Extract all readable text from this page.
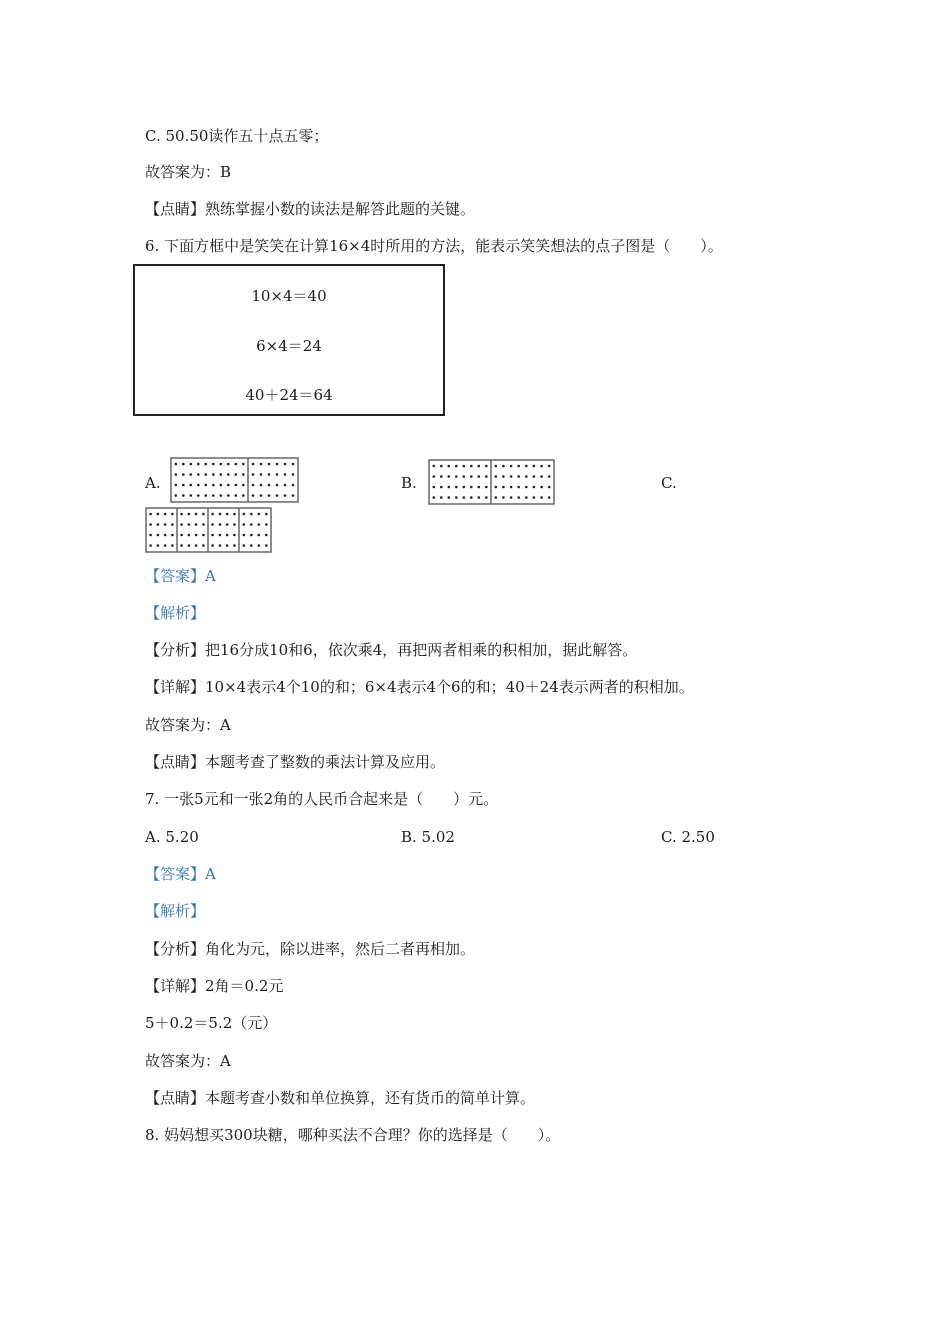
C. 50.50读作五十点五零；
故答案为：B
【点睛】熟练掌握小数的读法是解答此题的关键。
6. 下面方框中是笑笑在计算16×4时所用的方法，能表示笑笑想法的点子图是（　　）。
10×4＝40
6×4＝24
40＋24＝64
A.	B.	C.
【答案】A
【解析】
【分析】把16分成10和6，依次乘4，再把两者相乘的积相加，据此解答。
【详解】10×4表示4个10的和；6×4表示4个6的和；40＋24表示两者的积相加。
故答案为：A
【点睛】本题考查了整数的乘法计算及应用。
7. 一张5元和一张2角的人民币合起来是（　　）元。
A. 5.20	B. 5.02	C. 2.50
【答案】A
【解析】
【分析】角化为元，除以进率，然后二者再相加。
【详解】2角＝0.2元
5＋0.2＝5.2（元）
故答案为：A
【点睛】本题考查小数和单位换算，还有货币的简单计算。
8. 妈妈想买300块糖，哪种买法不合理？你的选择是（　　）。
